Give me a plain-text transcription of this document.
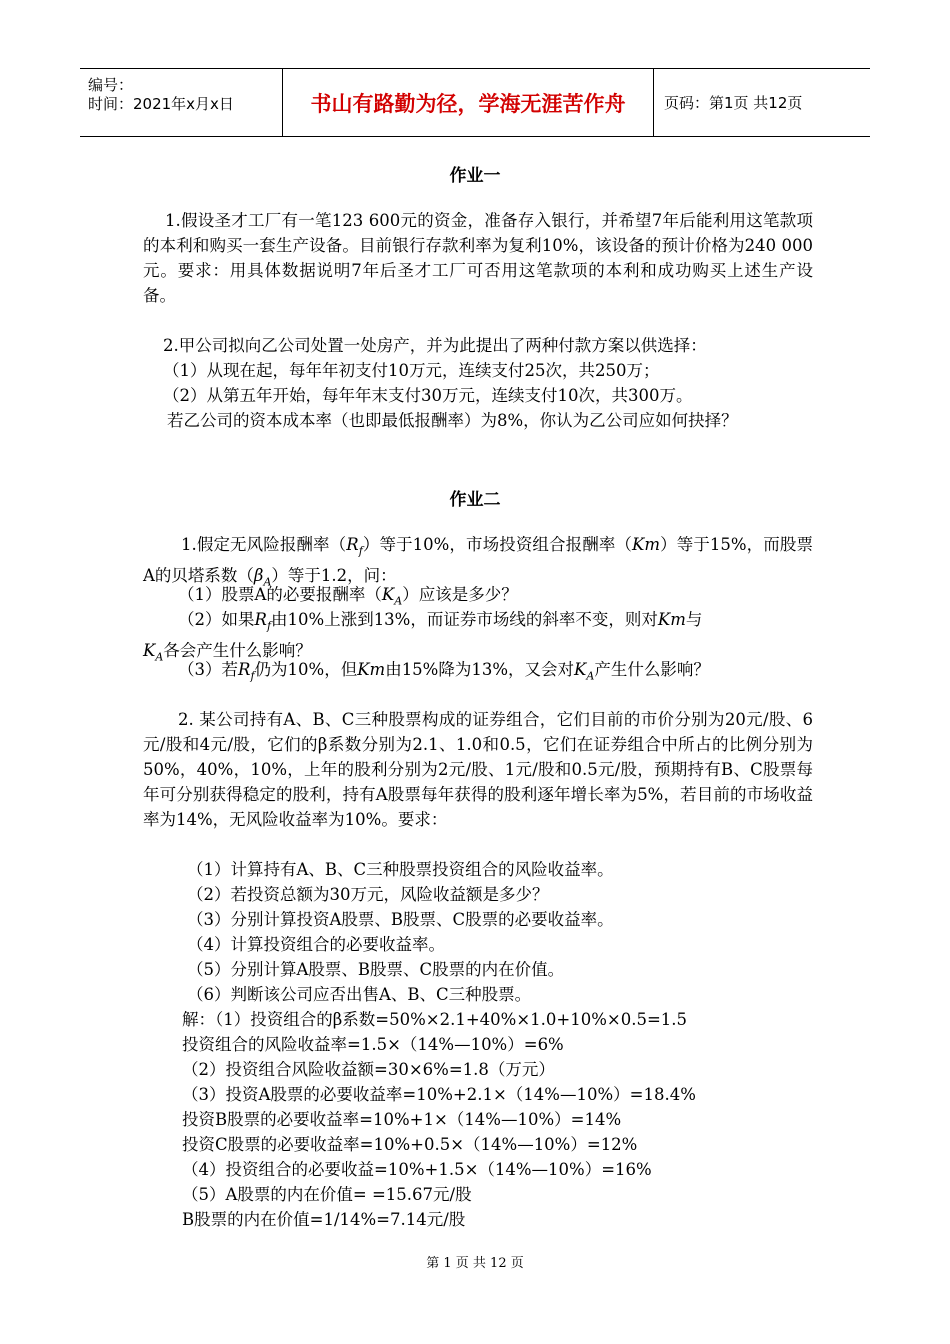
编号：
时间：2021年x月x日	书山有路勤为径，学海无涯苦作舟	页码：第1页 共12页
作业一
1.假设圣才工厂有一笔123 600元的资金，准备存入银行，并希望7年后能利用这笔款项的本利和购买一套生产设备。目前银行存款利率为复利10%，该设备的预计价格为240 000元。要求：用具体数据说明7年后圣才工厂可否用这笔款项的本利和成功购买上述生产设备。
2.甲公司拟向乙公司处置一处房产，并为此提出了两种付款方案以供选择：
（1）从现在起，每年年初支付10万元，连续支付25次，共250万；
（2）从第五年开始，每年年末支付30万元，连续支付10次，共300万。
若乙公司的资本成本率（也即最低报酬率）为8%，你认为乙公司应如何抉择？
作业二
1.假定无风险报酬率$(R_f)$等于10%，市场投资组合报酬率（Km）等于15%，而股票A的贝塔系数$(\beta_A)$等于1.2，问：
（1）股票A的必要报酬率$(K_A)$应该是多少？
（2）如果$R_f$由10%上涨到13%，而证券市场线的斜率不变，则对Km与
$K_A$各会产生什么影响？
（3）若$R_f$仍为10%，但Km由15%降为13%，又会对$K_A$产生什么影响？
2. 某公司持有A、B、C三种股票构成的证券组合，它们目前的市价分别为20元/股、6元/股和4元/股，它们的β系数分别为2.1、1.0和0.5，它们在证券组合中所占的比例分别为50%，40%，10%，上年的股利分别为2元/股、1元/股和0.5元/股，预期持有B、C股票每年可分别获得稳定的股利，持有A股票每年获得的股利逐年增长率为5%，若目前的市场收益率为14%，无风险收益率为10%。要求：
（1）计算持有A、B、C三种股票投资组合的风险收益率。
（2）若投资总额为30万元，风险收益额是多少？
（3）分别计算投资A股票、B股票、C股票的必要收益率。
（4）计算投资组合的必要收益率。
（5）分别计算A股票、B股票、C股票的内在价值。
（6）判断该公司应否出售A、B、C三种股票。
解：（1）投资组合的β系数=50%×2.1+40%×1.0+10%×0.5=1.5
投资组合的风险收益率=1.5×（14%—10%）=6%
（2）投资组合风险收益额=30×6%=1.8（万元）
（3）投资A股票的必要收益率=10%+2.1×（14%—10%）=18.4%
投资B股票的必要收益率=10%+1×（14%—10%）=14%
投资C股票的必要收益率=10%+0.5×（14%—10%）=12%
（4）投资组合的必要收益=10%+1.5×（14%—10%）=16%
（5）A股票的内在价值= =15.67元/股
B股票的内在价值=1/14%=7.14元/股
第 1 页 共 12 页
